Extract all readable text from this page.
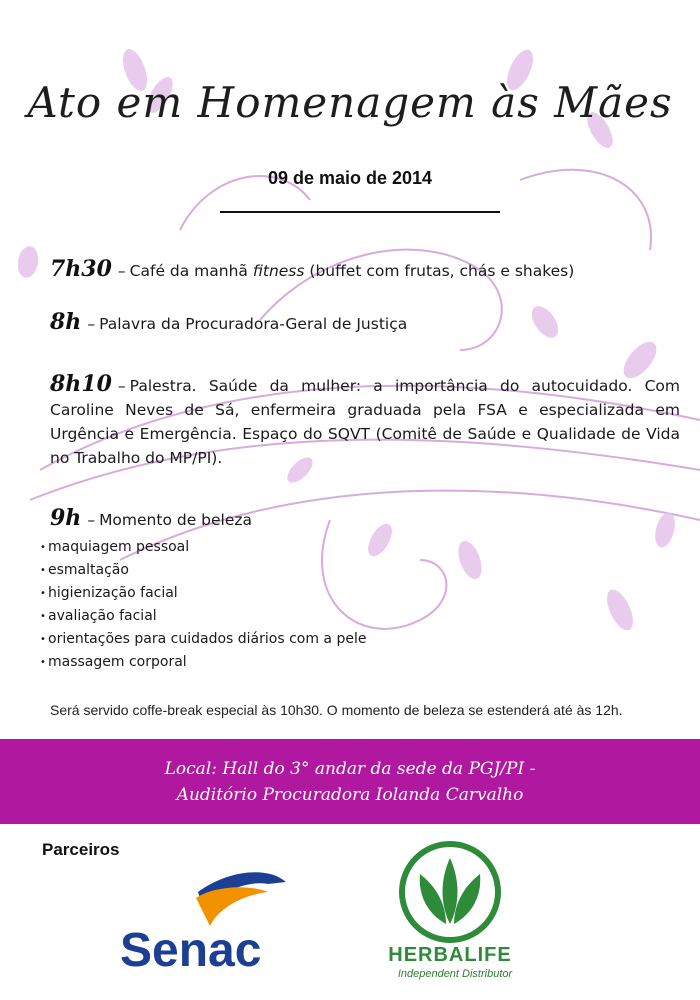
Ato em Homenagem às Mães
09 de maio de 2014
7h30 – Café da manhã fitness (buffet com frutas, chás e shakes)
8h – Palavra da Procuradora-Geral de Justiça
8h10 – Palestra. Saúde da mulher: a importância do autocuidado. Com Caroline Neves de Sá, enfermeira graduada pela FSA e especializada em Urgência e Emergência. Espaço do SQVT (Comitê de Saúde e Qualidade de Vida no Trabalho do MP/PI).
9h – Momento de beleza
• maquiagem pessoal
• esmaltação
• higienização facial
• avaliação facial
• orientações para cuidados diários com a pele
• massagem corporal
Será servido coffe-break especial às 10h30. O momento de beleza se estenderá até às 12h.
Local: Hall do 3° andar da sede da PGJ/PI -
Auditório Procuradora Iolanda Carvalho
Parceiros
Senac	HERBALIFE
Independent Distributor
